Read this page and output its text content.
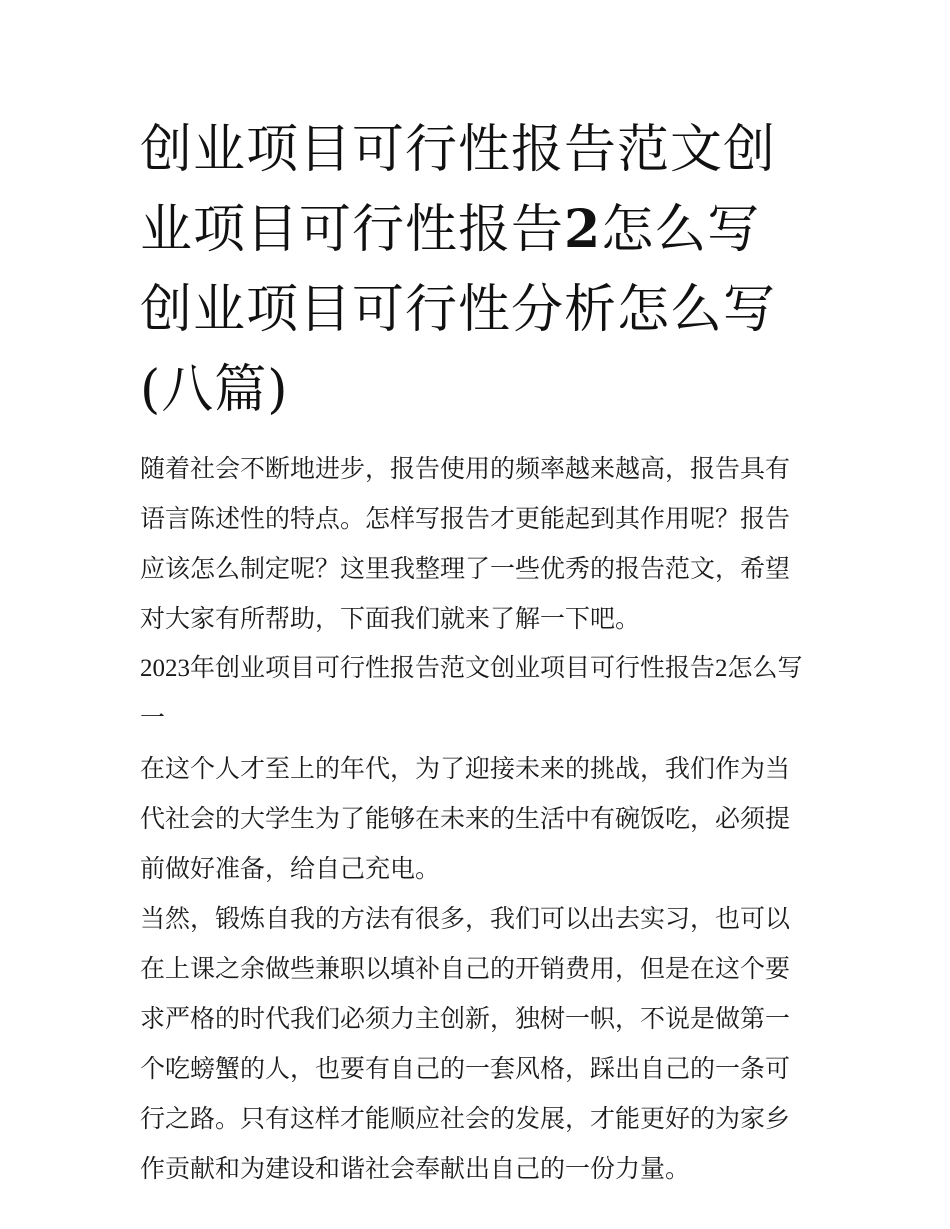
创业项目可行性报告范文创业项目可行性报告2怎么写 创业项目可行性分析怎么写(八篇)

随着社会不断地进步，报告使用的频率越来越高，报告具有语言陈述性的特点。怎样写报告才更能起到其作用呢？报告应该怎么制定呢？这里我整理了一些优秀的报告范文，希望对大家有所帮助，下面我们就来了解一下吧。

2023年创业项目可行性报告范文创业项目可行性报告2怎么写一

在这个人才至上的年代，为了迎接未来的挑战，我们作为当代社会的大学生为了能够在未来的生活中有碗饭吃，必须提前做好准备，给自己充电。

当然，锻炼自我的方法有很多，我们可以出去实习，也可以在上课之余做些兼职以填补自己的开销费用，但是在这个要求严格的时代我们必须力主创新，独树一帜，不说是做第一个吃螃蟹的人，也要有自己的一套风格，踩出自己的一条可行之路。只有这样才能顺应社会的发展，才能更好的为家乡作贡献和为建设和谐社会奉献出自己的一份力量。
